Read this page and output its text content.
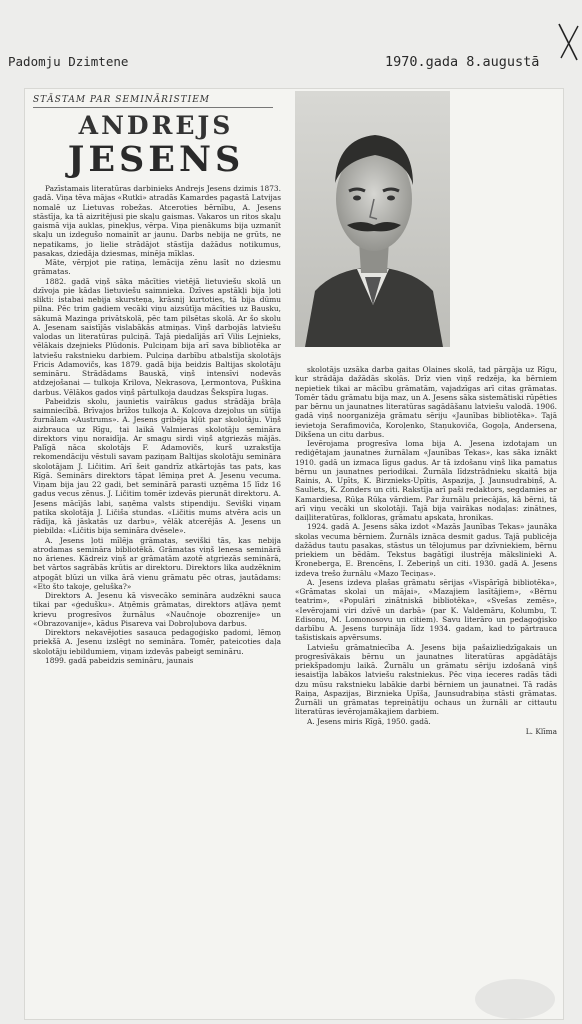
Padomju Dzimtene	1970.gada 8.augustā
STĀSTAM PAR SEMINĀRISTIEM
ANDREJS
JESENS

Pazīstamais literatūras darbinieks Andrejs Jesens dzimis 1873. gadā. Viņa tēva mājas «Rutki» atradās Kamardes pagastā Latvijas nomalē uz Lietuvas robežas. Atceroties bērnību, A. Jesens stāstīja, ka tā aizritējusi pie skaļu gaismas. Vakaros un ritos skaļu gaismā vija auklas, pinekļus, vērpa. Viņa pienākums bija uzmanīt skaļu un izdegušo nomainīt ar jaunu. Darbs nebija ne grūts, ne nepatikams, jo lielie strādājot stāstīja dažādus notikumus, pasakas, dziedāja dziesmas, minēja mīklas.

Māte, vērpjot pie ratiņa, lemācija zēnu lasīt no dziesmu grāmatas.

1882. gadā viņš sāka mācīties vietējā lietuviešu skolā un dzīvoja pie kādas lietuviešu saimnieka. Dzīves apstākļi bija ļoti slikti: istabai nebija skursteņa, krāsnij kurtoties, tā bija dūmu pilna. Pēc trim gadiem vecāki viņu aizsūtīja mācīties uz Bausku, sākumā Mazinga privātskolā, pēc tam pilsētas skolā. Ar šo skolu A. Jesenam saistījās vislabākās atmiņas. Viņš darbojās latviešu valodas un literatūras pulciņā. Tajā piedalījās arī Vilis Lejnieks, vēlākais dzejnieks Plūdonis. Pulciņam bija arī sava bibliotēka ar latviešu rakstnieku darbiem. Pulciņa darbību atbalstīja skolotājs Fricis Adamovičs, kas 1879. gadā bija beidzis Baltijas skolotāju semināru. Strādādams Bauskā, viņš intensīvi nodevās atdzejošanai — tulkoja Krilova, Ņekrasova, Ļermontova, Puškina darbus. Vēlākos gados viņš pārtulkoja daudzas Šekspīra lugas.

Pabeidzis skolu, jaunietis vairākus gadus strādāja brāļa saimniecībā. Brīvajos brīžos tulkoja A. Koļcova dzejolus un sūtīja žurnālam «Austrums». A. Jesens gribēja kļūt par skolotāju. Viņš aizbrauca uz Rīgu, tai laikā Valmieras skolotāju semināra direktors viņu noraidīja. Ar smagu sirdi viņš atgriezās mājās. Palīgā nāca skolotājs F. Adamovičs, kurš uzrakstīja rekomendāciju vēstuli savam paziņam Baltijas skolotāju semināra skolotājam J. Ličitim. Arī šeit gandrīz atkārtojās tas pats, kas Rīgā. Seminārs direktors tāpat lēmiņa pret A. Jesenu vecuma. Viņam bija jau 22 gadi, bet seminārā parasti uzņēma 15 līdz 16 gadus vecus zēnus. J. Ličitim tomēr izdevās pierunāt direktoru. A. Jesens mācījās labi, saņēma valsts stipendiju. Seviški viņam patika skolotāja J. Ličiša stundas. «Ličitis mums atvēra acis un rādīja, kā jāskatās uz darbu», vēlāk atcerējās A. Jesens un piebilda: «Ličitis bija semināra dvēsele».

A. Jesens ļoti mīlēja grāmatas, seviški tās, kas nebija atrodamas semināra bibliotēkā. Grāmatas viņš lenesa seminārā no ārienes. Kādreiz viņš ar grāmatām azotē atgriezās seminārā, bet vārtos sagrābās krūtis ar direktoru. Direktors lika audzēknim atpogāt blūzi un vilka ārā vienu grāmatu pēc otras, jautādams: «Eto što takoje, geluška?»

Direktors A. Jesenu kā visvecāko semināra audzēkni sauca tikai par «ģedušku». Atņēmis grāmatas, direktors atļāva ņemt krievu progresīvos žurnālus «Naučnoje obozrenije» un «Obrazovanije», kādus Pisareva vai Dobroļubova darbus.

Direktors nekavējoties sasauca pedagoģisko padomi, lēmoņ priekšā A. Jesenu izslēgt no semināra. Tomēr, pateicoties daļa skolotāju iebildumiem, viņam izdevās pabeigt semināru.

1899. gadā pabeidzis semināru, jaunais

skolotājs uzsāka darba gaitas Olaines skolā, tad pārgāja uz Rīgu, kur strādāja dažādās skolās. Drīz vien viņš redzēja, ka bērniem nepietiek tikai ar mācību grāmatām, vajadzīgas arī citas grāmatas. Tomēr tādu grāmatu bija maz, un A. Jesens sāka sistemātiski rūpēties par bērnu un jaunatnes literatūras sagādāšanu latviešu valodā. 1906. gadā viņš noorganizēja grāmatu sēriju «Jaunības bibliotēka». Tajā ievietoja Serafimoviča, Koroļenko, Staņukoviča, Gogoļa, Andersena, Dikšena un citu darbus.

Ievērojama progresīva loma bija A. Jesena izdotajam un rediģētajam jaunatnes žurnālam «Jaunības Tekas», kas sāka iznākt 1910. gadā un izmaca līgus gadus. Ar tā izdošanu viņš lika pamatus bērnu un jaunatnes periodikai. Žurnāla līdzstrādnieku skaitā bija Rainis, A. Upīts, K. Birznieks-Upītis, Aspazija, J. Jaunsudrabiņš, A. Sauliets, K. Zonders un citi. Rakstīja arī paši redaktors, segdamies ar Kamardiesa, Rūķa Rūķa vārdiem. Par žurnālu priecājās, kā bērni, tā arī viņu vecāki un skolotāji. Tajā bija vairākas nodaļas: zinātnes, daiļliteratūras, folkloras, grāmatu apskata, hronikas.

1924. gadā A. Jesens sāka izdot «Mazās Jaunības Tekas» jaunāka skolas vecuma bērniem. Žurnāls iznāca desmit gadus. Tajā publicēja dažādus tautu pasakas, stāstus un tēlojumus par dzīvniekiem, bērnu priekiem un bēdām. Tekstus bagātīgi ilustrēja mākslinieki A. Kroneberga, E. Brencēns, I. Zeberiņš un citi. 1930. gadā A. Jesens izdeva trešo žurnālu «Mazo Teciņas».

A. Jesens izdeva plašas grāmatu sērijas «Vispārīgā bibliotēka», «Grāmatas skolai un mājai», «Mazajiem lasītājiem», «Bērnu teatrim», «Populāri zinātniskā bibliotēka», «Svešas zemēs», «Ievērojami viri dzīvē un darbā» (par K. Valdemāru, Kolumbu, T. Edisonu, M. Lomonosovu un citiem). Savu literāro un pedagoģisko darbību A. Jesens turpināja līdz 1934. gadam, kad to pārtrauca tašistiskais apvērsums.

Latviešu grāmatniecība A. Jesens bija pašaizliedzīgakais un progresīvākais bērnu un jaunatnes literatūras apgādātājs priekšpadomju laikā. Žurnālu un grāmatu sēriju izdošanā viņš iesaistīja labākos latviešu rakstniekus. Pēc viņa ieceres radās tādi dzu mūsu rakstnieku labākie darbi bērniem un jaunatnei. Tā radās Raiņa, Aspazijas, Birznieka Upīša, Jaunsudrabiņa stāsti grāmatas. Žurnāli un grāmatas tepreiņātiju ochaus un žurnāli ar cittautu literatūras ievērojamākajiem darbiem.

A. Jesens miris Rīgā, 1950. gadā.

L. Klīma
